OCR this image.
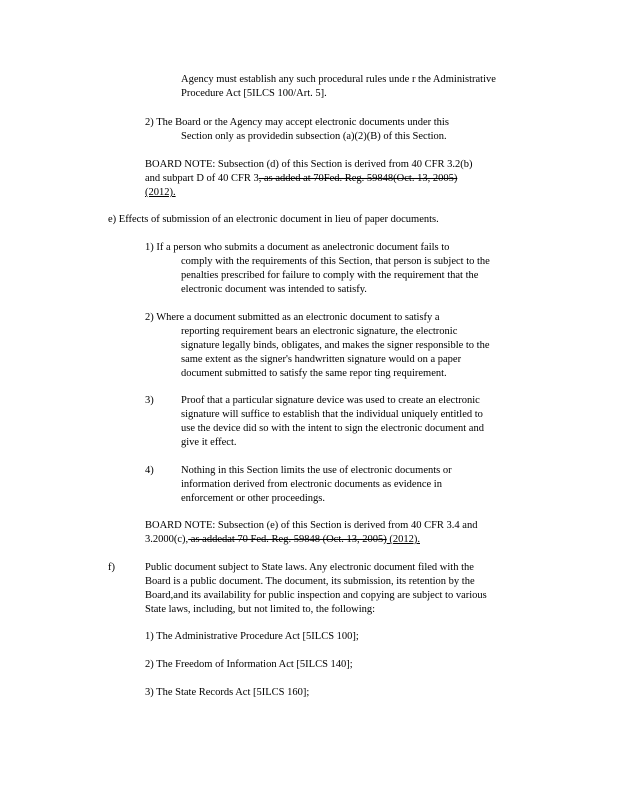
Agency must establish any such procedural rules unde r the Administrative
Procedure Act [5ILCS 100/Art. 5].
2) The Board or the Agency may accept electronic documents under this
Section only as providedin subsection (a)(2)(B) of this Section.
BOARD NOTE: Subsection (d) of this Section is derived from 40 CFR 3.2(b)
and subpart D of 40 CFR 3, as added at 70Fed. Reg. 59848(Oct. 13, 2005)
(2012).
e) Effects of submission of an electronic document in lieu of paper documents.
1) If a person who submits a document as anelectronic document fails to
comply with the requirements of this Section, that person is subject to the
penalties prescribed for failure to comply with the requirement that the
electronic document was intended to satisfy.
2) Where a document submitted as an electronic document to satisfy a
reporting requirement bears an electronic signature, the electronic
signature legally binds, obligates, and makes the signer responsible to the
same extent as the signer's handwritten signature would on a paper
document submitted to satisfy the same repor ting requirement.
3)	Proof that a particular signature device was used to create an electronic
signature will suffice to establish that the individual uniquely entitled to
use the device did so with the intent to sign the electronic document and
give it effect.
4)	Nothing in this Section limits the use of electronic documents or
information derived from electronic documents as evidence in
enforcement or other proceedings.
BOARD NOTE: Subsection (e) of this Section is derived from 40 CFR 3.4 and
3.2000(c), as addedat 70 Fed. Reg. 59848 (Oct. 13, 2005) (2012).
f)	Public document subject to State laws. Any electronic document filed with the
Board is a public document. The document, its submission, its retention by the
Board,and its availability for public inspection and copying are subject to various
State laws, including, but not limited to, the following:
1) The Administrative Procedure Act [5ILCS 100];
2) The Freedom of Information Act [5ILCS 140];
3) The State Records Act [5ILCS 160];
